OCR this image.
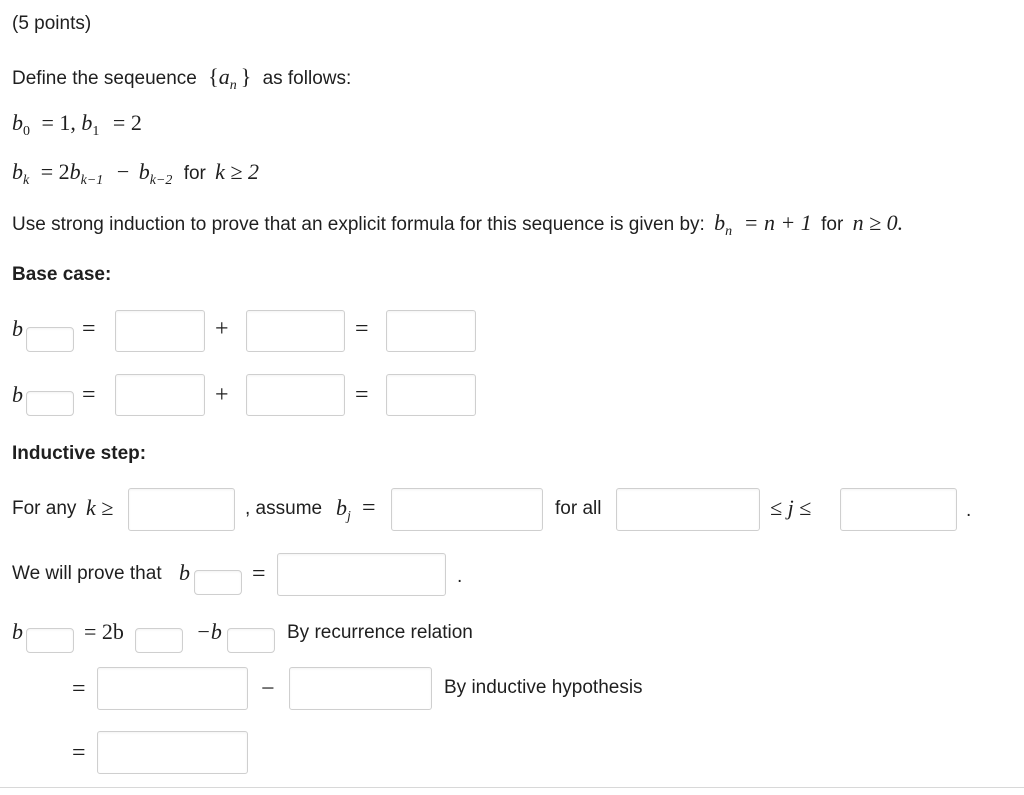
(5 points)
Define the seqeuence {$a_n$ } as follows:
$b_0 = 1$, $b_1 = 2$
$b_k = 2b_{k-1} - b_{k-2}$ for k ≥ 2
Use strong induction to prove that an explicit formula for this sequence is given by: $b_n = n + 1$ for n ≥ 0.
Base case:
b =	+	=
b =	+	=
Inductive step:
For any k ≥	, assume $b_j$ =	for all	≤ j ≤	.
We will prove that b	=	.
b	= 2b	−b	By recurrence relation
=	−	By inductive hypothesis
=
